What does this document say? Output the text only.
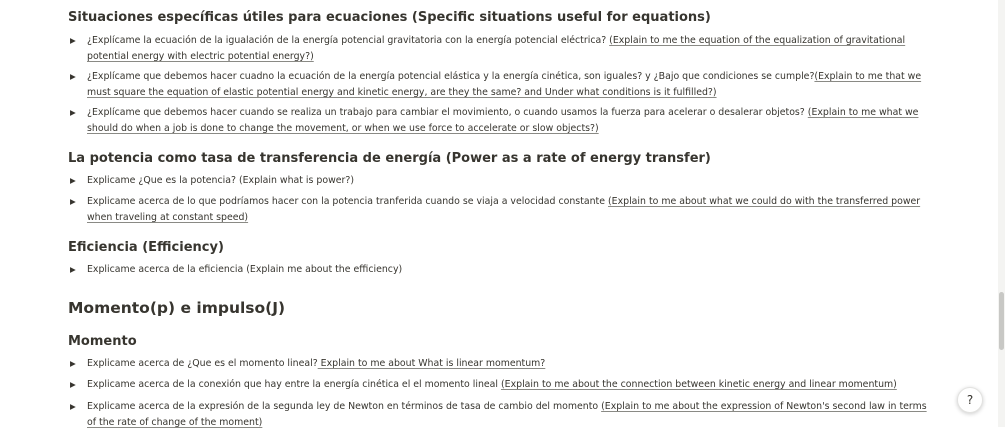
Situaciones específicas útiles para ecuaciones (Specific situations useful for equations)
▶ ¿Explícame la ecuación de la igualación de la energía potencial gravitatoria con la energía potencial eléctrica? (Explain to me the equation of the equalization of gravitational potential energy with electric potential energy?)
▶ ¿Explícame que debemos hacer cuadno la ecuación de la energía potencial elástica y la energía cinética, son iguales? y ¿Bajo que condiciones se cumple?(Explain to me that we must square the equation of elastic potential energy and kinetic energy, are they the same? and Under what conditions is it fulfilled?)
▶ ¿Explícame que debemos hacer cuando se realiza un trabajo para cambiar el movimiento, o cuando usamos la fuerza para acelerar o desalerar objetos? (Explain to me what we should do when a job is done to change the movement, or when we use force to accelerate or slow objects?)
La potencia como tasa de transferencia de energía (Power as a rate of energy transfer)
▶ Explicame ¿Que es la potencia? (Explain what is power?)
▶ Explicame acerca de lo que podríamos hacer con la potencia tranferida cuando se viaja a velocidad constante (Explain to me about what we could do with the transferred power when traveling at constant speed)
Eficiencia (Efficiency)
▶ Explicame acerca de la eficiencia (Explain me about the efficiency)
Momento(p) e impulso(J)
Momento
▶ Explicame acerca de ¿Que es el momento lineal? Explain to me about What is linear momentum?
▶ Explicame acerca de la conexión que hay entre la energía cinética el el momento lineal (Explain to me about the connection between kinetic energy and linear momentum)
▶ Explicame acerca de la expresión de la segunda ley de Newton en términos de tasa de cambio del momento (Explain to me about the expression of Newton's second law in terms of the rate of change of the moment)
?
